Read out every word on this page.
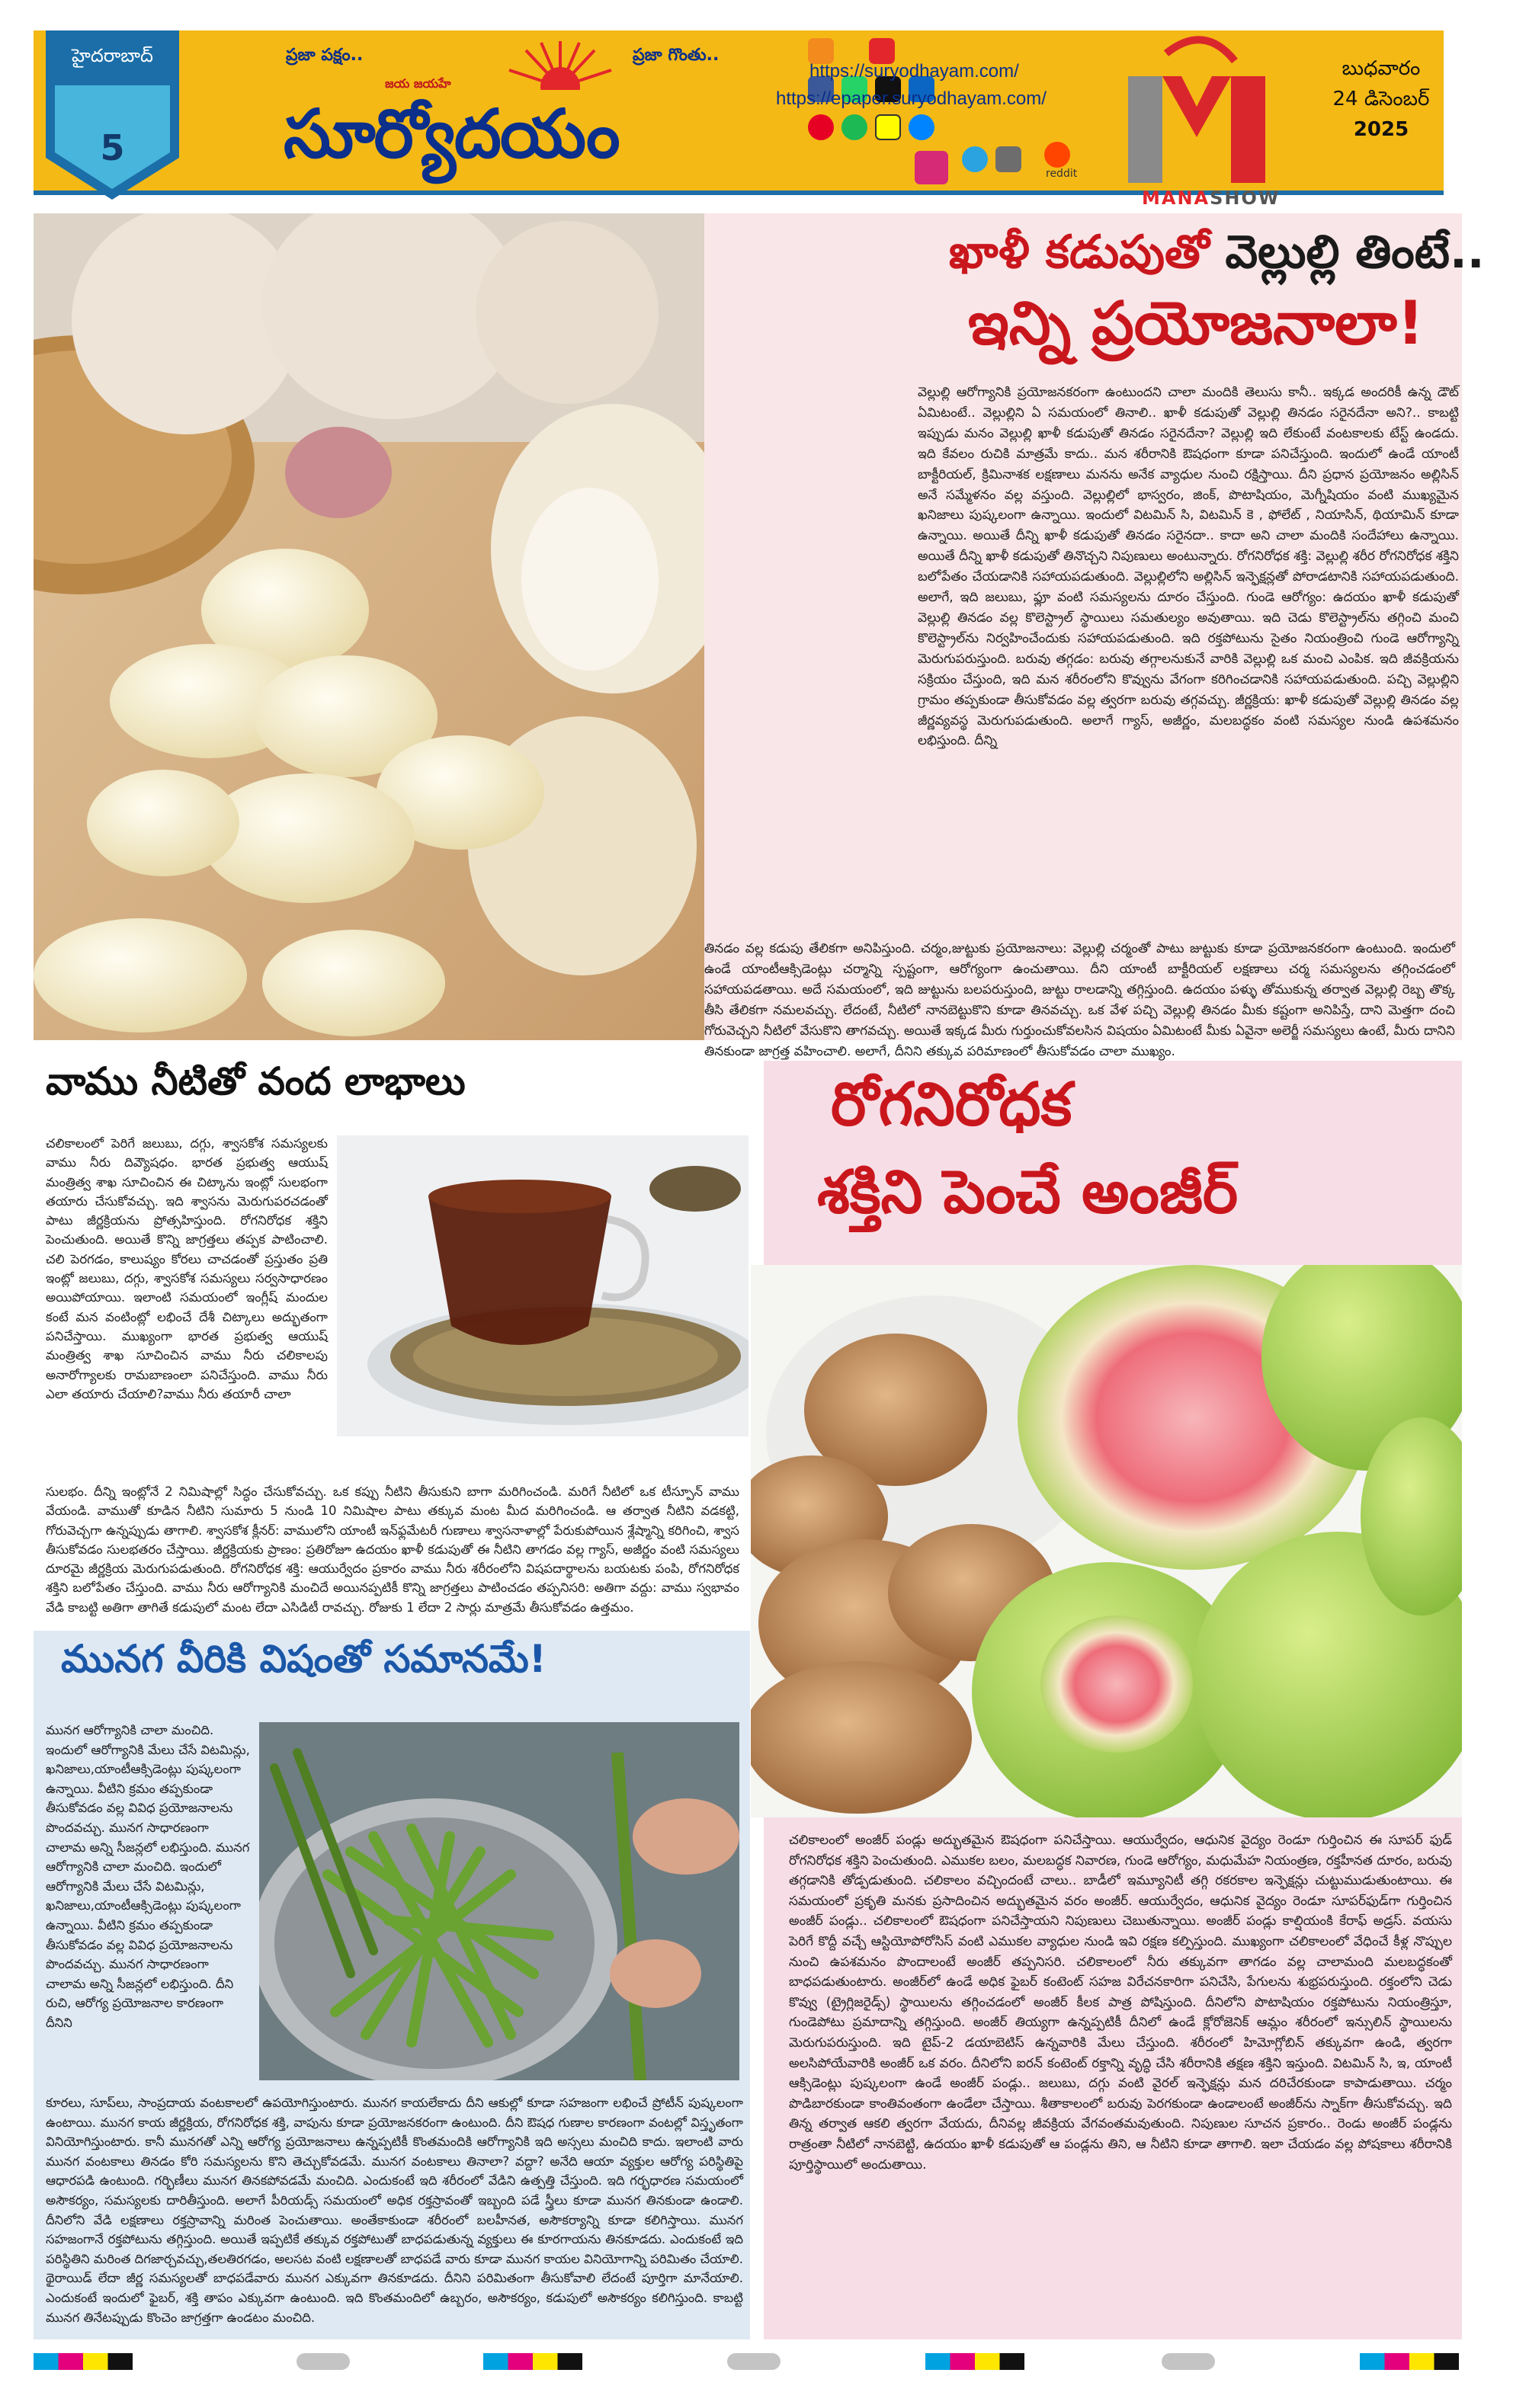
హైదరాబాద్
5
ప్రజా పక్షం..	ప్రజా గొంతు..
జయ జయహే
సూర్యోదయం
https://suryodhayam.com/
https://epaper.suryodhayam.com/
reddit
MANASHOW
బుధవారం
24 డిసెంబర్
2025
ఖాళీ కడుపుతో వెల్లుల్లి తింటే..
ఇన్ని ప్రయోజనాలా!
వెల్లుల్లి ఆరోగ్యానికి ప్రయోజనకరంగా ఉంటుందని చాలా మందికి తెలుసు కానీ.. ఇక్కడ అందరికీ ఉన్న డౌట్ ఏమిటంటే.. వెల్లుల్లిని ఏ సమయంలో తినాలి.. ఖాళీ కడుపుతో వెల్లుల్లి తినడం సరైనదేనా అని?.. కాబట్టి ఇప్పుడు మనం వెల్లుల్లి ఖాళీ కడుపుతో తినడం సరైనదేనా? వెల్లుల్లి ఇది లేకుంటే వంటకాలకు టేస్ట్ ఉండదు. ఇది కేవలం రుచికి మాత్రమే కాదు.. మన శరీరానికి ఔషధంగా కూడా పనిచేస్తుంది. ఇందులో ఉండే యాంటీ బాక్టీరియల్, క్రిమినాశక లక్షణాలు మనను అనేక వ్యాధుల నుంచి రక్షిస్తాయి. దీని ప్రధాన ప్రయోజనం అల్లిసిన్ అనే సమ్మేళనం వల్ల వస్తుంది. వెల్లుల్లిలో భాస్వరం, జింక్, పొటాషియం, మెగ్నీషియం వంటి ముఖ్యమైన ఖనిజాలు పుష్కలంగా ఉన్నాయి. ఇందులో విటమిన్ సి, విటమిన్ కె , ఫోలేట్ , నియాసిన్, థియామిన్ కూడా ఉన్నాయి. అయితే దీన్ని ఖాళీ కడుపుతో తినడం సరైనదా.. కాదా అని చాలా మందికి సందేహాలు ఉన్నాయి. అయితే దీన్ని ఖాళీ కడుపుతో తినొచ్చని నిపుణులు అంటున్నారు. రోగనిరోధక శక్తి: వెల్లుల్లి శరీర రోగనిరోధక శక్తిని బలోపేతం చేయడానికి సహాయపడుతుంది. వెల్లుల్లిలోని అల్లిసిన్ ఇన్ఫెక్షన్లతో పోరాడటానికి సహాయపడుతుంది. అలాగే, ఇది జలుబు, ఫ్లూ వంటి సమస్యలను దూరం చేస్తుంది. గుండె ఆరోగ్యం: ఉదయం ఖాళీ కడుపుతో వెల్లుల్లి తినడం వల్ల కొలెస్ట్రాల్ స్థాయిలు సమతుల్యం అవుతాయి. ఇది చెడు కొలెస్ట్రాల్‌ను తగ్గించి మంచి కొలెస్ట్రాల్‌ను నిర్వహించేందుకు సహాయపడుతుంది. ఇది రక్తపోటును సైతం నియంత్రించి గుండె ఆరోగ్యాన్ని మెరుగుపరుస్తుంది. బరువు తగ్గడం: బరువు తగ్గాలనుకునే వారికి వెల్లుల్లి ఒక మంచి ఎంపిక. ఇది జీవక్రియను సక్రియం చేస్తుంది, ఇది మన శరీరంలోని కొవ్వును వేగంగా కరిగించడానికి సహాయపడుతుంది. పచ్చి వెల్లుల్లిని గ్రామం తప్పకుండా తీసుకోవడం వల్ల త్వరగా బరువు తగ్గవచ్చు. జీర్ణక్రియ: ఖాళీ కడుపుతో వెల్లుల్లి తినడం వల్ల జీర్ణవ్యవస్థ మెరుగుపడుతుంది. అలాగే గ్యాస్, అజీర్ణం, మలబద్ధకం వంటి సమస్యల నుండి ఉపశమనం లభిస్తుంది. దీన్ని
తినడం వల్ల కడుపు తేలికగా అనిపిస్తుంది. చర్మం,జుట్టుకు ప్రయోజనాలు: వెల్లుల్లి చర్మంతో పాటు జుట్టుకు కూడా ప్రయోజనకరంగా ఉంటుంది. ఇందులో ఉండే యాంటీఆక్సిడెంట్లు చర్మాన్ని స్పష్టంగా, ఆరోగ్యంగా ఉంచుతాయి. దీని యాంటీ బాక్టీరియల్ లక్షణాలు చర్మ సమస్యలను తగ్గించడంలో సహాయపడతాయి. అదే సమయంలో, ఇది జుట్టును బలపరుస్తుంది, జుట్టు రాలడాన్ని తగ్గిస్తుంది. ఉదయం పళ్ళు తోముకున్న తర్వాత వెల్లుల్లి రెబ్బ తొక్క తీసి తేలికగా నమలవచ్చు. లేదంటే, నీటిలో నానబెట్టుకొని కూడా తినవచ్చు. ఒక వేళ పచ్చి వెల్లుల్లి తినడం మీకు కష్టంగా అనిపిస్తే, దాని మెత్తగా దంచి గోరువెచ్చని నీటిలో వేసుకొని తాగవచ్చు. అయితే ఇక్కడ మీరు గుర్తుంచుకోవలసిన విషయం ఏమిటంటే మీకు ఏవైనా అలెర్జీ సమస్యలు ఉంటే, మీరు దానిని తినకుండా జాగ్రత్త వహించాలి. అలాగే, దీనిని తక్కువ పరిమాణంలో తీసుకోవడం చాలా ముఖ్యం.
వాము నీటితో వంద లాభాలు
చలికాలంలో పెరిగే జలుబు, దగ్గు, శ్వాసకోశ సమస్యలకు వాము నీరు దివ్యౌషధం. భారత ప్రభుత్వ ఆయుష్ మంత్రిత్వ శాఖ సూచించిన ఈ చిట్కాను ఇంట్లో సులభంగా తయారు చేసుకోవచ్చు. ఇది శ్వాసను మెరుగుపరచడంతో పాటు జీర్ణక్రియను ప్రోత్సహిస్తుంది. రోగనిరోధక శక్తిని పెంచుతుంది. అయితే కొన్ని జాగ్రత్తలు తప్పక పాటించాలి. చలి పెరగడం, కాలుష్యం కోరలు చాచడంతో ప్రస్తుతం ప్రతి ఇంట్లో జలుబు, దగ్గు, శ్వాసకోశ సమస్యలు సర్వసాధారణం అయిపోయాయి. ఇలాంటి సమయంలో ఇంగ్లీష్ మందుల కంటే మన వంటింట్లో లభించే దేశీ చిట్కాలు అద్భుతంగా పనిచేస్తాయి. ముఖ్యంగా భారత ప్రభుత్వ ఆయుష్ మంత్రిత్వ శాఖ సూచించిన వాము నీరు చలికాలపు అనారోగ్యాలకు రామబాణంలా పనిచేస్తుంది. వాము నీరు ఎలా తయారు చేయాలి?వాము నీరు తయారీ చాలా
సులభం. దీన్ని ఇంట్లోనే 2 నిమిషాల్లో సిద్ధం చేసుకోవచ్చు. ఒక కప్పు నీటిని తీసుకుని బాగా మరిగించండి. మరిగే నీటిలో ఒక టీస్పూన్ వాము వేయండి. వాముతో కూడిన నీటిని సుమారు 5 నుండి 10 నిమిషాల పాటు తక్కువ మంట మీద మరిగించండి. ఆ తర్వాత నీటిని వడకట్టి, గోరువెచ్చగా ఉన్నప్పుడు తాగాలి. శ్వాసకోశ క్లీనర్: వాములోని యాంటీ ఇన్‌ఫ్లమేటరీ గుణాలు శ్వాసనాళాల్లో పేరుకుపోయిన శ్లేష్మాన్ని కరిగించి, శ్వాస తీసుకోవడం సులభతరం చేస్తాయి. జీర్ణక్రియకు ప్రాణం: ప్రతిరోజూ ఉదయం ఖాళీ కడుపుతో ఈ నీటిని తాగడం వల్ల గ్యాస్, అజీర్ణం వంటి సమస్యలు దూరమై జీర్ణక్రియ మెరుగుపడుతుంది. రోగనిరోధక శక్తి: ఆయుర్వేదం ప్రకారం వాము నీరు శరీరంలోని విషపదార్థాలను బయటకు పంపి, రోగనిరోధక శక్తిని బలోపేతం చేస్తుంది. వాము నీరు ఆరోగ్యానికి మంచిదే అయినప్పటికీ కొన్ని జాగ్రత్తలు పాటించడం తప్పనిసరి: అతిగా వద్దు: వాము స్వభావం వేడి కాబట్టి అతిగా తాగితే కడుపులో మంట లేదా ఎసిడిటీ రావచ్చు. రోజుకు 1 లేదా 2 సార్లు మాత్రమే తీసుకోవడం ఉత్తమం.
మునగ వీరికి విషంతో సమానమే!
మునగ ఆరోగ్యానికి చాలా మంచిది. ఇందులో ఆరోగ్యానికి మేలు చేసే విటమిన్లు, ఖనిజాలు,యాంటీఆక్సిడెంట్లు పుష్కలంగా ఉన్నాయి. వీటిని క్రమం తప్పకుండా తీసుకోవడం వల్ల వివిధ ప్రయోజనాలను పొందవచ్చు. మునగ సాధారణంగా చాలామ అన్ని సీజన్లలో లభిస్తుంది. మునగ ఆరోగ్యానికి చాలా మంచిది. ఇందులో ఆరోగ్యానికి మేలు చేసే విటమిన్లు, ఖనిజాలు,యాంటీఆక్సిడెంట్లు పుష్కలంగా ఉన్నాయి. వీటిని క్రమం తప్పకుండా తీసుకోవడం వల్ల వివిధ ప్రయోజనాలను పొందవచ్చు. మునగ సాధారణంగా చాలామ అన్ని సీజన్లలో లభిస్తుంది. దీని రుచి, ఆరోగ్య ప్రయోజనాల కారణంగా దీనిని
కూరలు, సూప్‌లు, సాంప్రదాయ వంటకాలలో ఉపయోగిస్తుంటారు. మునగ కాయలేకాదు దీని ఆకుల్లో కూడా సహజంగా లభించే ప్రోటీన్ పుష్కలంగా ఉంటాయి. మునగ కాయ జీర్ణక్రియ, రోగనిరోధక శక్తి, వాపును కూడా ప్రయోజనకరంగా ఉంటుంది. దీని ఔషధ గుణాల కారణంగా వంటల్లో విస్తృతంగా వినియోగిస్తుంటారు. కానీ మునగతో ఎన్ని ఆరోగ్య ప్రయోజనాలు ఉన్నప్పటికీ కొంతమందికి ఆరోగ్యానికి ఇది అస్సలు మంచిది కాదు. ఇలాంటి వారు మునగ వంటకాలు తినడం కోరి సమస్యలను కొని తెచ్చుకోవడమే. మునగ వంటకాలు తినాలా? వద్దా? అనేది ఆయా వ్యక్తుల ఆరోగ్య పరిస్థితిపై ఆధారపడి ఉంటుంది. గర్భిణీలు మునగ తినకపోవడమే మంచిది. ఎందుకంటే ఇది శరీరంలో వేడిని ఉత్పత్తి చేస్తుంది. ఇది గర్భధారణ సమయంలో అసౌకర్యం, సమస్యలకు దారితీస్తుంది. అలాగే పీరియడ్స్ సమయంలో అధిక రక్తస్రావంతో ఇబ్బంది పడే స్త్రీలు కూడా మునగ తినకుండా ఉండాలి. దీనిలోని వేడి లక్షణాలు రక్తస్రావాన్ని మరింత పెంచుతాయి. అంతేకాకుండా శరీరంలో బలహీనత, అసౌకర్యాన్ని కూడా కలిగిస్తాయి. మునగ సహజంగానే రక్తపోటును తగ్గిస్తుంది. అయితే ఇప్పటికే తక్కువ రక్తపోటుతో బాధపడుతున్న వ్యక్తులు ఈ కూరగాయను తినకూడదు. ఎందుకంటే ఇది పరిస్థితిని మరింత దిగజార్చవచ్చు,తలతిరగడం, అలసట వంటి లక్షణాలతో బాధపడే వారు కూడా మునగ కాయల వినియోగాన్ని పరిమితం చేయాలి. థైరాయిడ్ లేదా జీర్ణ సమస్యలతో బాధపడేవారు మునగ ఎక్కువగా తినకూడదు. దీనిని పరిమితంగా తీసుకోవాలి లేదంటే పూర్తిగా మానేయాలి. ఎందుకంటే ఇందులో ఫైబర్, శక్తి తాపం ఎక్కువగా ఉంటుంది. ఇది కొంతమందిలో ఉబ్బరం, అసౌకర్యం, కడుపులో అసౌకర్యం కలిగిస్తుంది. కాబట్టి మునగ తినేటప్పుడు కొంచెం జాగ్రత్తగా ఉండటం మంచిది.
రోగనిరోధక
శక్తిని పెంచే అంజీర్
చలికాలంలో అంజీర్ పండ్లు అద్భుతమైన ఔషధంగా పనిచేస్తాయి. ఆయుర్వేదం, ఆధునిక వైద్యం రెండూ గుర్తించిన ఈ సూపర్ ఫుడ్ రోగనిరోధక శక్తిని పెంచుతుంది. ఎముకల బలం, మలబద్ధక నివారణ, గుండె ఆరోగ్యం, మధుమేహ నియంత్రణ, రక్తహీనత దూరం, బరువు తగ్గడానికి తోడ్పడుతుంది. చలికాలం వచ్చిందంటే చాలు.. బాడీలో ఇమ్యూనిటీ తగ్గి రకరకాల ఇన్ఫెక్షన్లు చుట్టుముడుతుంటాయి. ఈ సమయంలో ప్రకృతి మనకు ప్రసాదించిన అద్భుతమైన వరం అంజీర్. ఆయుర్వేదం, ఆధునిక వైద్యం రెండూ సూపర్‌ఫుడ్‌గా గుర్తించిన అంజీర్ పండ్లు.. చలికాలంలో ఔషధంగా పనిచేస్తాయని నిపుణులు చెబుతున్నాయి. అంజీర్ పండ్లు కాల్షియంకి కేరాఫ్ అడ్రస్. వయసు పెరిగే కొద్దీ వచ్చే ఆస్టియోపోరోసిస్ వంటి ఎముకల వ్యాధుల నుండి ఇవి రక్షణ కల్పిస్తుంది. ముఖ్యంగా చలికాలంలో వేధించే కీళ్ల నొప్పుల నుంచి ఉపశమనం పొందాలంటే అంజీర్ తప్పనిసరి. చలికాలంలో నీరు తక్కువగా తాగడం వల్ల చాలామంది మలబద్ధకంతో బాధపడుతుంటారు. అంజీర్‌లో ఉండే అధిక ఫైబర్ కంటెంట్ సహజ విరేచనకారిగా పనిచేసి, పేగులను శుభ్రపరుస్తుంది. రక్తంలోని చెడు కొవ్వు (ట్రైగ్లిజరైడ్స్) స్థాయిలను తగ్గించడంలో అంజీర్ కీలక పాత్ర పోషిస్తుంది. దీనిలోని పొటాషియం రక్తపోటును నియంత్రిస్తూ, గుండెపోటు ప్రమాదాన్ని తగ్గిస్తుంది. అంజీర్ తియ్యగా ఉన్నప్పటికీ దీనిలో ఉండే క్లోరోజెనిక్ ఆమ్లం శరీరంలో ఇన్సులిన్ స్థాయిలను మెరుగుపరుస్తుంది. ఇది టైప్-2 డయాబెటిస్ ఉన్నవారికి మేలు చేస్తుంది. శరీరంలో హిమోగ్లోబిన్ తక్కువగా ఉండి, త్వరగా అలసిపోయేవారికి అంజీర్ ఒక వరం. దీనిలోని ఐరన్ కంటెంట్ రక్తాన్ని వృద్ధి చేసి శరీరానికి తక్షణ శక్తిని ఇస్తుంది. విటమిన్ సి, ఇ, యాంటీ ఆక్సిడెంట్లు పుష్కలంగా ఉండే అంజీర్ పండ్లు.. జలుబు, దగ్గు వంటి వైరల్ ఇన్ఫెక్షన్లు మన దరిచేరకుండా కాపాడుతాయి. చర్మం పొడిబారకుండా కాంతివంతంగా ఉండేలా చేస్తాయి. శీతాకాలంలో బరువు పెరగకుండా ఉండాలంటే అంజీర్‌ను స్నాక్‌గా తీసుకోవచ్చు. ఇది తిన్న తర్వాత ఆకలి త్వరగా వేయదు, దీనివల్ల జీవక్రియ వేగవంతమవుతుంది. నిపుణుల సూచన ప్రకారం.. రెండు అంజీర్ పండ్లను రాత్రంతా నీటిలో నానబెట్టి, ఉదయం ఖాళీ కడుపుతో ఆ పండ్లను తిని, ఆ నీటిని కూడా తాగాలి. ఇలా చేయడం వల్ల పోషకాలు శరీరానికి పూర్తిస్థాయిలో అందుతాయి.
